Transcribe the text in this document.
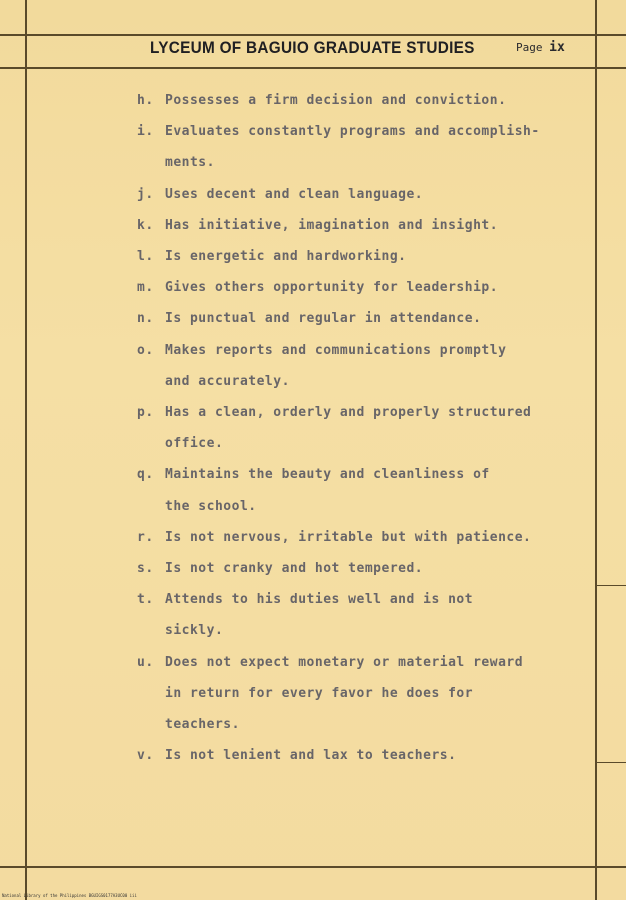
LYCEUM OF BAGUIO GRADUATE STUDIES	Page ix
h. Possesses a firm decision and conviction.
i. Evaluates constantly programs and accomplish-
ments.
j. Uses decent and clean language.
k. Has initiative, imagination and insight.
l. Is energetic and hardworking.
m. Gives others opportunity for leadership.
n. Is punctual and regular in attendance.
o. Makes reports and communications promptly
and accurately.
p. Has a clean, orderly and properly structured
office.
q. Maintains the beauty and cleanliness of
the school.
r. Is not nervous, irritable but with patience.
s. Is not cranky and hot tempered.
t. Attends to his duties well and is not
sickly.
u. Does not expect monetary or material reward
in return for every favor he does for
teachers.
v. Is not lenient and lax to teachers.
National Library of the Philippines BGUIGS0177A3UC00 iii
